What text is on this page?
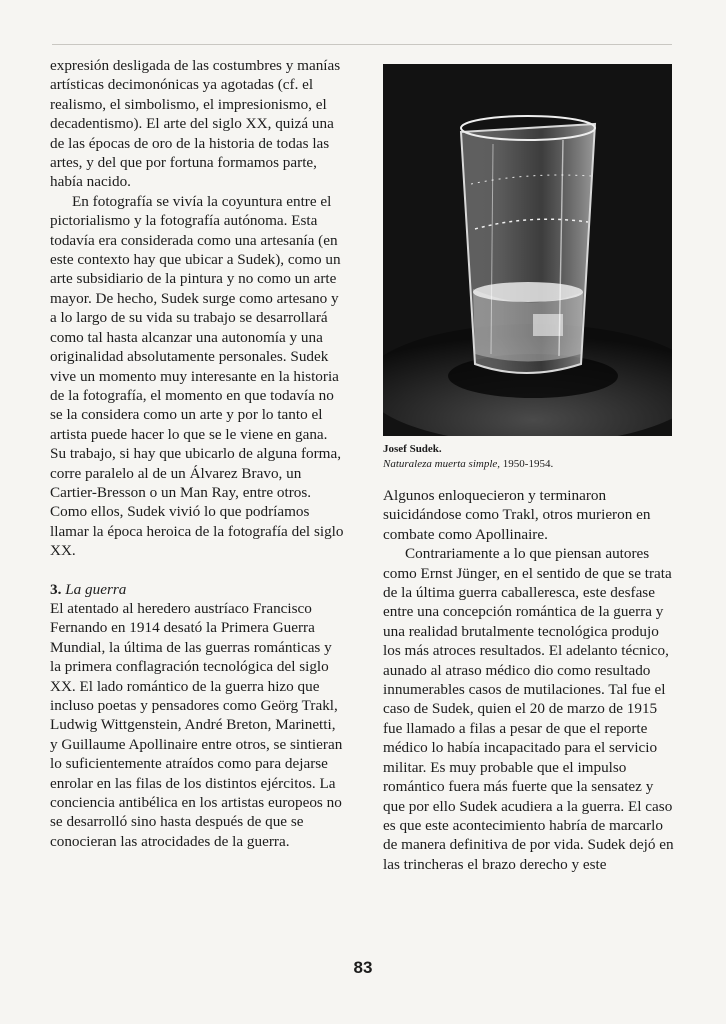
expresión desligada de las costumbres y manías artísticas decimonónicas ya agotadas (cf. el realismo, el simbolismo, el impresionismo, el decadentismo). El arte del siglo XX, quizá una de las épocas de oro de la historia de todas las artes, y del que por fortuna formamos parte, había nacido.

En fotografía se vivía la coyuntura entre el pictorialismo y la fotografía autónoma. Esta todavía era considerada como una artesanía (en este contexto hay que ubicar a Sudek), como un arte subsidiario de la pintura y no como un arte mayor. De hecho, Sudek surge como artesano y a lo largo de su vida su trabajo se desarrollará como tal hasta alcanzar una autonomía y una originalidad absolutamente personales. Sudek vive un momento muy interesante en la historia de la fotografía, el momento en que todavía no se la considera como un arte y por lo tanto el artista puede hacer lo que se le viene en gana. Su trabajo, si hay que ubicarlo de alguna forma, corre paralelo al de un Álvarez Bravo, un Cartier-Bresson o un Man Ray, entre otros. Como ellos, Sudek vivió lo que podríamos llamar la época heroica de la fotografía del siglo XX.

3. La guerra

El atentado al heredero austríaco Francisco Fernando en 1914 desató la Primera Guerra Mundial, la última de las guerras románticas y la primera conflagración tecnológica del siglo XX. El lado romántico de la guerra hizo que incluso poetas y pensadores como Geörg Trakl, Ludwig Wittgenstein, André Breton, Marinetti, y Guillaume Apollinaire entre otros, se sintieran lo suficientemente atraídos como para dejarse enrolar en las filas de los distintos ejércitos. La conciencia antibélica en los artistas europeos no se desarrolló sino hasta después de que se conocieran las atrocidades de la guerra.

Josef Sudek.
Naturaleza muerta simple, 1950-1954.

Algunos enloquecieron y terminaron suicidándose como Trakl, otros murieron en combate como Apollinaire.

Contrariamente a lo que piensan autores como Ernst Jünger, en el sentido de que se trata de la última guerra caballeresca, este desfase entre una concepción romántica de la guerra y una realidad brutalmente tecnológica produjo los más atroces resultados. El adelanto técnico, aunado al atraso médico dio como resultado innumerables casos de mutilaciones. Tal fue el caso de Sudek, quien el 20 de marzo de 1915 fue llamado a filas a pesar de que el reporte médico lo había incapacitado para el servicio militar. Es muy probable que el impulso romántico fuera más fuerte que la sensatez y que por ello Sudek acudiera a la guerra. El caso es que este acontecimiento habría de marcarlo de manera definitiva de por vida. Sudek dejó en las trincheras el brazo derecho y este

83
